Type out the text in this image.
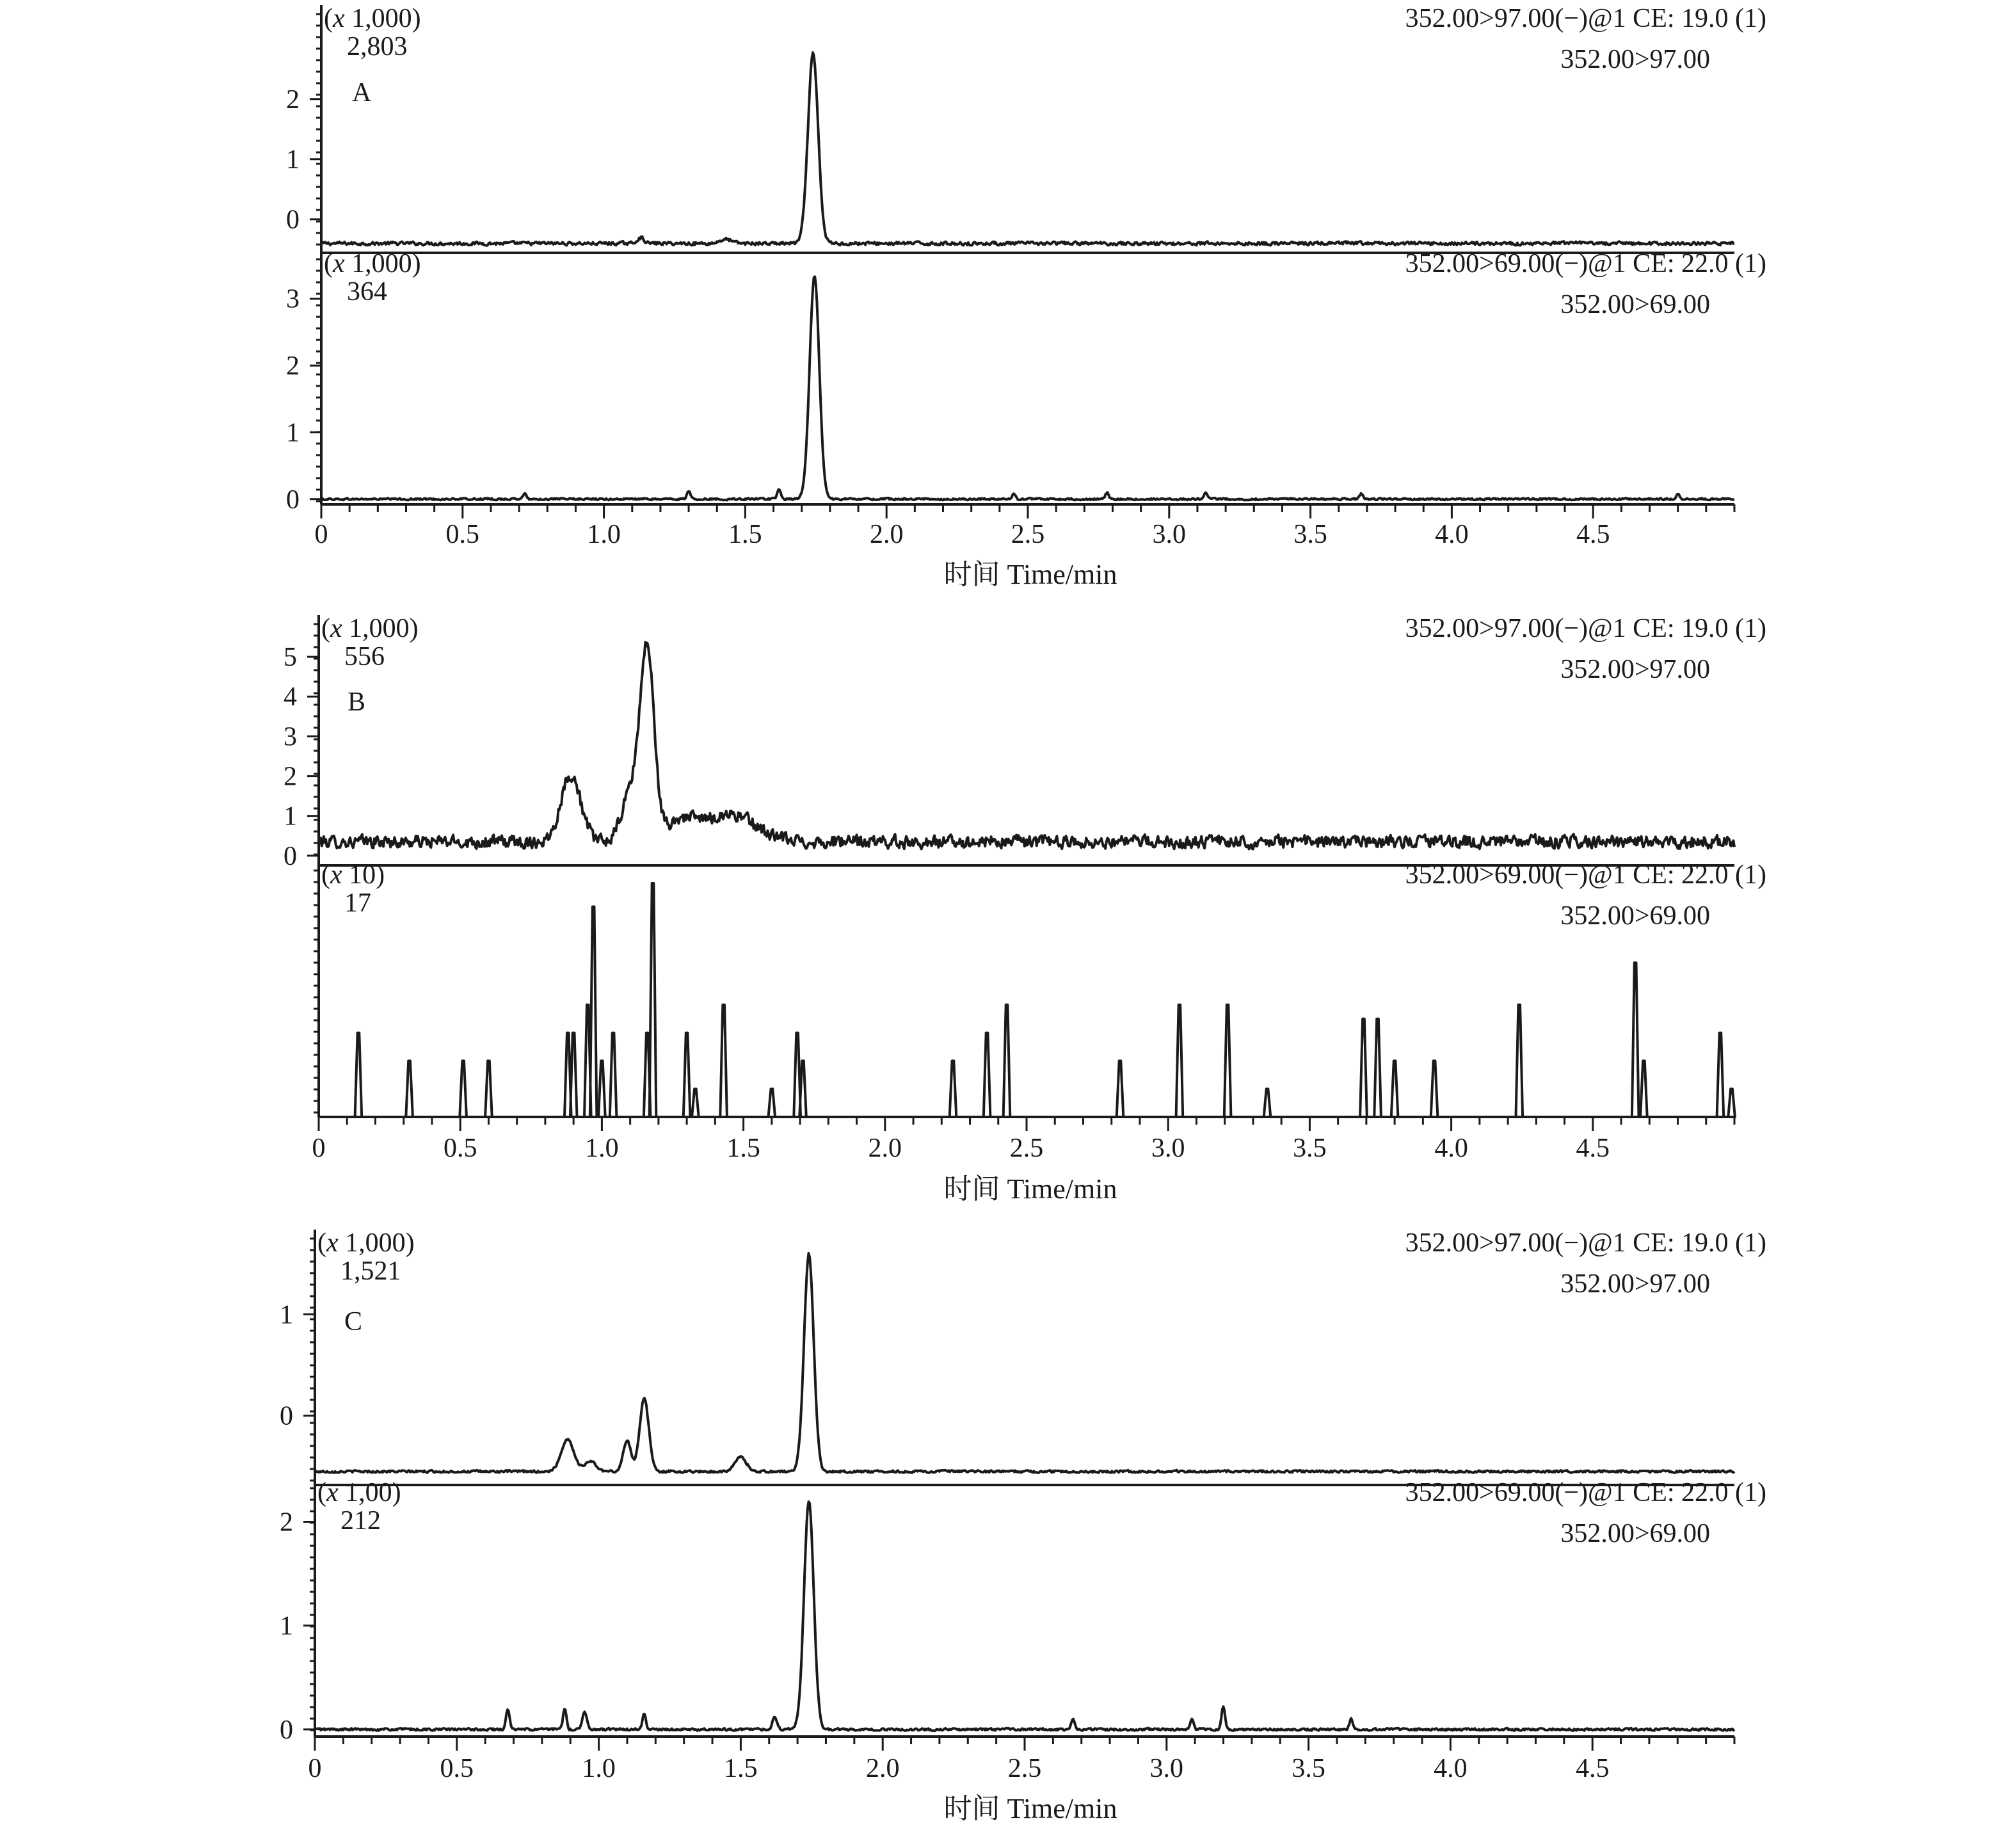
0
1
2
(x 1,000)
2,803
352.00>97.00(−)@1 CE: 19.0 (1)
352.00>97.00
0
1
2
3
(x 1,000)
364
352.00>69.00(−)@1 CE: 22.0 (1)
352.00>69.00
A
0	0.5	1.0	1.5	2.0	2.5	3.0	3.5	4.0	4.5
时间 Time/min
0
1
2
3
4
5
(x 1,000)
556
352.00>97.00(−)@1 CE: 19.0 (1)
352.00>97.00
(x 10)
17
352.00>69.00(−)@1 CE: 22.0 (1)
352.00>69.00
B
0	0.5	1.0	1.5	2.0	2.5	3.0	3.5	4.0	4.5
时间 Time/min
0
1
(x 1,000)
1,521
352.00>97.00(−)@1 CE: 19.0 (1)
352.00>97.00
0
1
2
(x 1,00)
212
352.00>69.00(−)@1 CE: 22.0 (1)
352.00>69.00
C
0	0.5	1.0	1.5	2.0	2.5	3.0	3.5	4.0	4.5
时间 Time/min
